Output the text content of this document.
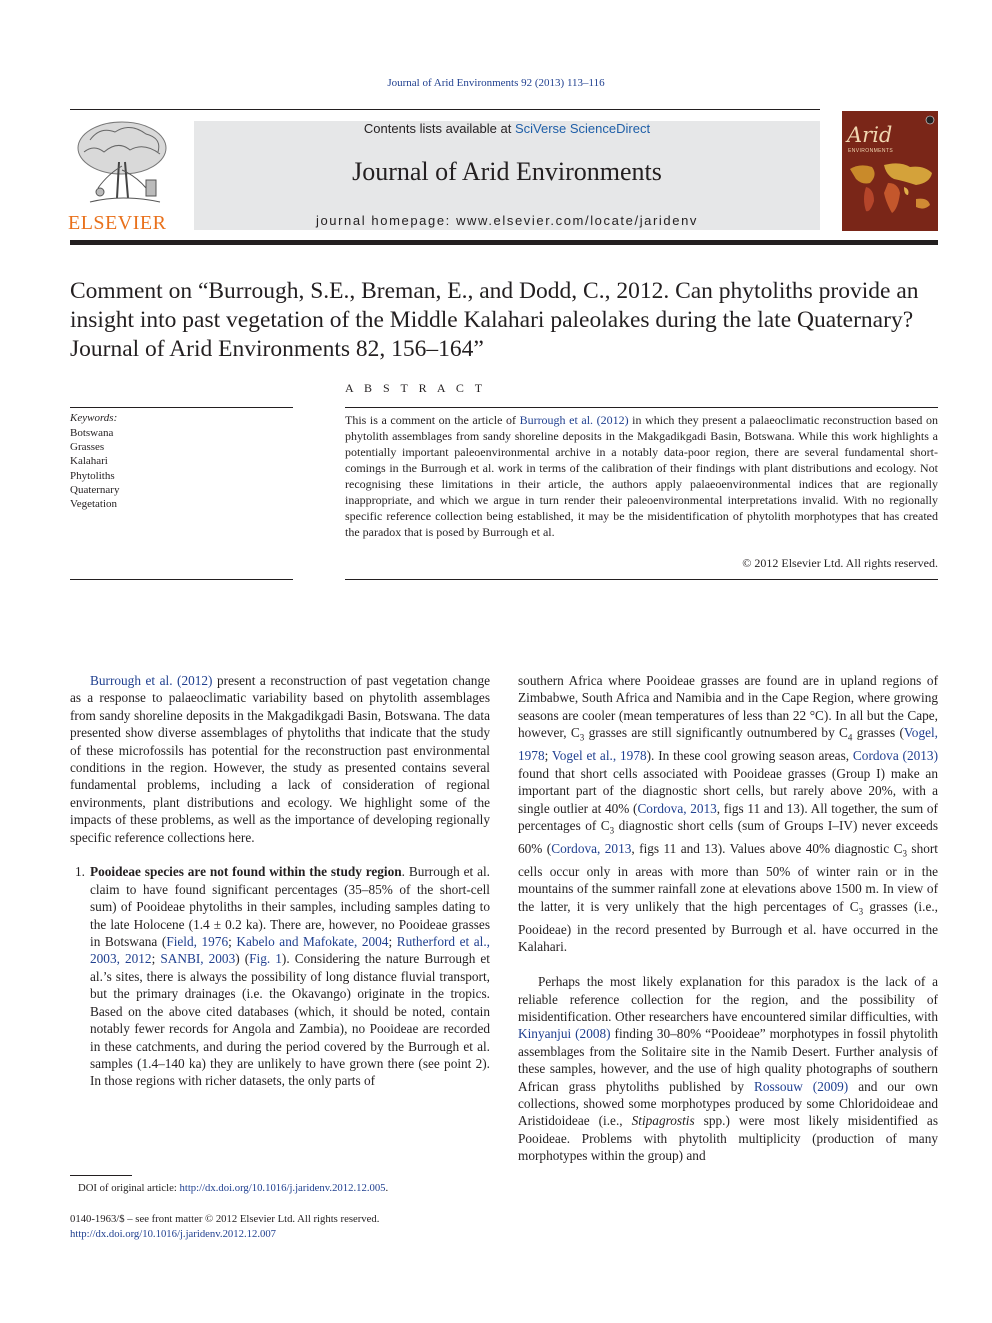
Journal of Arid Environments 92 (2013) 113–116
ELSEVIER
Contents lists available at SciVerse ScienceDirect
Journal of Arid Environments
journal homepage: www.elsevier.com/locate/jaridenv
Arid
ENVIRONMENTS
Comment on “Burrough, S.E., Breman, E., and Dodd, C., 2012. Can phytoliths provide an insight into past vegetation of the Middle Kalahari paleolakes during the late Quaternary? Journal of Arid Environments 82, 156–164”
A B S T R A C T
Keywords:
Botswana
Grasses
Kalahari
Phytoliths
Quaternary
Vegetation

This is a comment on the article of Burrough et al. (2012) in which they present a palaeoclimatic reconstruction based on phytolith assemblages from sandy shoreline deposits in the Makgadikgadi Basin, Botswana. While this work highlights a potentially important paleoenvironmental archive in a notably data-poor region, there are several fundamental short-comings in the Burrough et al. work in terms of the calibration of their findings with plant distributions and ecology. Not recognising these limitations in their article, the authors apply palaeoenvironmental indices that are regionally inappropriate, and which we argue in turn render their paleoenvironmental interpretations invalid. With no regionally specific reference collection being established, it may be the misidentification of phytolith morphotypes that has created the paradox that is posed by Burrough et al.

© 2012 Elsevier Ltd. All rights reserved.

Burrough et al. (2012) present a reconstruction of past vegetation change as a response to palaeoclimatic variability based on phytolith assemblages from sandy shoreline deposits in the Makgadikgadi Basin, Botswana. The data presented show diverse assemblages of phytoliths that indicate that the study of these microfossils has potential for the reconstruction past environmental conditions in the region. However, the study as presented contains several fundamental problems, including a lack of consideration of regional environments, plant distributions and ecology. We highlight some of the impacts of these problems, as well as the importance of developing regionally specific reference collections here.

1. Pooideae species are not found within the study region. Burrough et al. claim to have found significant percentages (35–85% of the short-cell sum) of Pooideae phytoliths in their samples, including samples dating to the late Holocene (1.4 ± 0.2 ka). There are, however, no Pooideae grasses in Botswana (Field, 1976; Kabelo and Mafokate, 2004; Rutherford et al., 2003, 2012; SANBI, 2003) (Fig. 1). Considering the nature Burrough et al.’s sites, there is always the possibility of long distance fluvial transport, but the primary drainages (i.e. the Okavango) originate in the tropics. Based on the above cited databases (which, it should be noted, contain notably fewer records for Angola and Zambia), no Pooideae are recorded in these catchments, and during the period covered by the Burrough et al. samples (1.4–140 ka) they are unlikely to have grown there (see point 2). In those regions with richer datasets, the only parts of

southern Africa where Pooideae grasses are found are in upland regions of Zimbabwe, South Africa and Namibia and in the Cape Region, where growing seasons are cooler (mean temperatures of less than 22 °C). In all but the Cape, however, $C_3$ grasses are still significantly outnumbered by $C_4$ grasses (Vogel, 1978; Vogel et al., 1978). In these cool growing season areas, Cordova (2013) found that short cells associated with Pooideae grasses (Group I) make an important part of the diagnostic short cells, but rarely above 20%, with a single outlier at 40% (Cordova, 2013, figs 11 and 13). All together, the sum of percentages of $C_3$ diagnostic short cells (sum of Groups I–IV) never exceeds 60% (Cordova, 2013, figs 11 and 13). Values above 40% diagnostic $C_3$ short cells occur only in areas with more than 50% of winter rain or in the mountains of the summer rainfall zone at elevations above 1500 m. In view of the latter, it is very unlikely that the high percentages of $C_3$ grasses (i.e., Pooideae) in the record presented by Burrough et al. have occurred in the Kalahari.

Perhaps the most likely explanation for this paradox is the lack of a reliable reference collection for the region, and the possibility of misidentification. Other researchers have encountered similar difficulties, with Kinyanjui (2008) finding 30–80% “Pooideae” morphotypes in fossil phytolith assemblages from the Solitaire site in the Namib Desert. Further analysis of these samples, however, and the use of high quality photographs of southern African grass phytoliths published by Rossouw (2009) and our own collections, showed some morphotypes produced by some Chloridoideae and Aristidoideae (i.e., Stipagrostis spp.) were most likely misidentified as Pooideae. Problems with phytolith multiplicity (production of many morphotypes within the group) and

DOI of original article: http://dx.doi.org/10.1016/j.jaridenv.2012.12.005.
0140-1963/$ – see front matter © 2012 Elsevier Ltd. All rights reserved.
http://dx.doi.org/10.1016/j.jaridenv.2012.12.007
